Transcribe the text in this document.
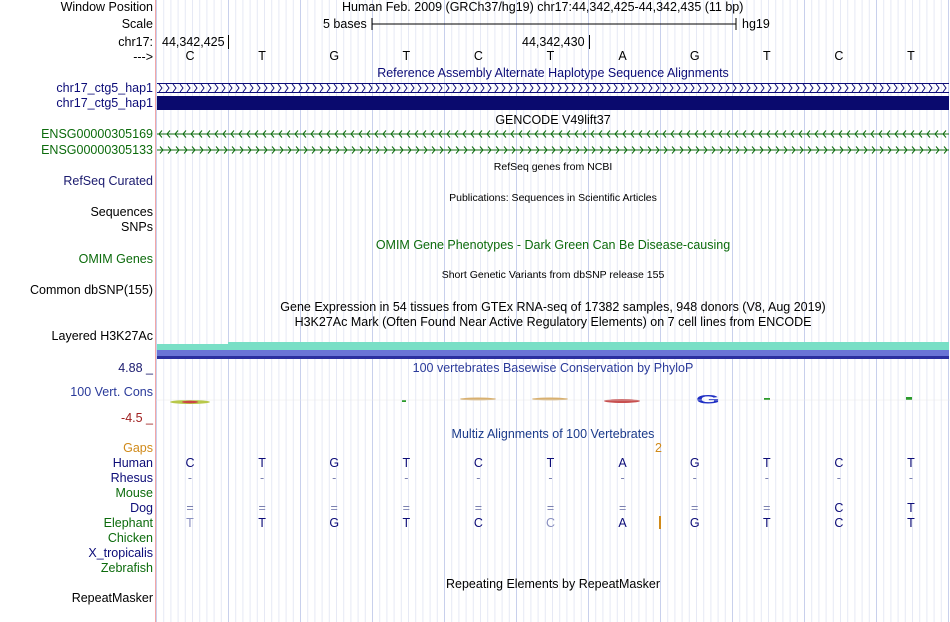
Window Position	Human Feb. 2009 (GRCh37/hg19) chr17:44,342,425-44,342,435 (11 bp)
Scale	5 bases	hg19
chr17: 44,342,425	44,342,430
--->	C	T	G	T	C	T	A	G	T	C	T
Reference Assembly Alternate Haplotype Sequence Alignments
chr17_ctg5_hap1
chr17_ctg5_hap1
GENCODE V49lift37
ENSG00000305169
ENSG00000305133
RefSeq genes from NCBI
RefSeq Curated
Publications: Sequences in Scientific Articles
Sequences
SNPs
OMIM Gene Phenotypes - Dark Green Can Be Disease-causing
OMIM Genes
Short Genetic Variants from dbSNP release 155
Common dbSNP(155)
Gene Expression in 54 tissues from GTEx RNA-seq of 17382 samples, 948 donors (V8, Aug 2019)
H3K27Ac Mark (Often Found Near Active Regulatory Elements) on 7 cell lines from ENCODE
Layered H3K27Ac
4.88 _	100 vertebrates Basewise Conservation by PhyloP
100 Vert. Cons
G
-4.5 _
Multiz Alignments of 100 Vertebrates
Gaps	2
Human	C	T	G	T	C	T	A	G	T	C	T
Rhesus	-	-	-	-	-	-	-	-	-	-	-
Mouse
Dog	=	=	=	=	=	=	=	=	=	C	T
Elephant	T	T	G	T	C	C	A	G	T	C	T
Chicken
X_tropicalis
Zebrafish
Repeating Elements by RepeatMasker
RepeatMasker
